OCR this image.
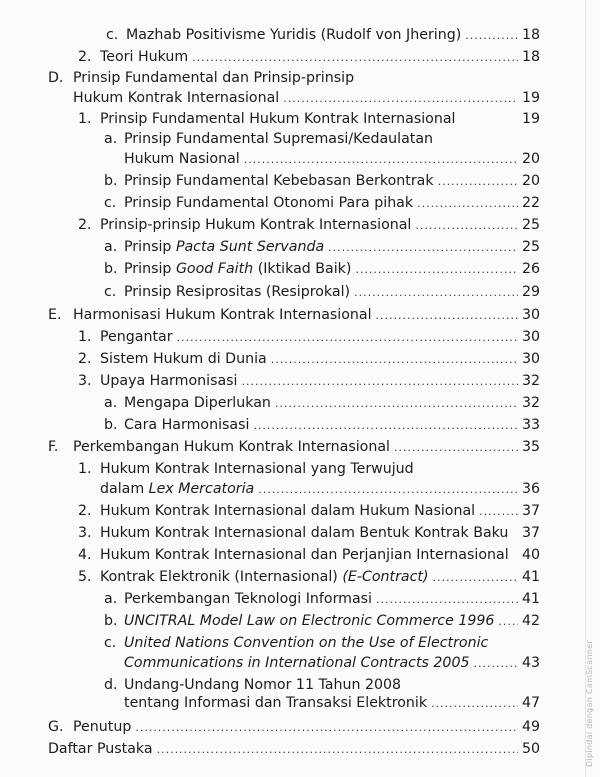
c. Mazhab Positivisme Yuridis (Rudolf von Jhering) .....	18
2. Teori Hukum .....	18
D. Prinsip Fundamental dan Prinsip-prinsip
Hukum Kontrak Internasional .....	19
1. Prinsip Fundamental Hukum Kontrak Internasional	19
a. Prinsip Fundamental Supremasi/Kedaulatan
Hukum Nasional .....	20
b. Prinsip Fundamental Kebebasan Berkontrak .....	20
c. Prinsip Fundamental Otonomi Para pihak .....	22
2. Prinsip-prinsip Hukum Kontrak Internasional .....	25
a. Prinsip Pacta Sunt Servanda .....	25
b. Prinsip Good Faith (Iktikad Baik) .....	26
c. Prinsip Resiprositas (Resiprokal) .....	29
E. Harmonisasi Hukum Kontrak Internasional .....	30
1. Pengantar .....	30
2. Sistem Hukum di Dunia .....	30
3. Upaya Harmonisasi .....	32
a. Mengapa Diperlukan .....	32
b. Cara Harmonisasi .....	33
F. Perkembangan Hukum Kontrak Internasional .....	35
1. Hukum Kontrak Internasional yang Terwujud
dalam Lex Mercatoria .....	36
2. Hukum Kontrak Internasional dalam Hukum Nasional .....	37
3. Hukum Kontrak Internasional dalam Bentuk Kontrak Baku 37
4. Hukum Kontrak Internasional dan Perjanjian Internasional 40
5. Kontrak Elektronik (Internasional) (E-Contract) .....	41
a. Perkembangan Teknologi Informasi .....	41
b. UNCITRAL Model Law on Electronic Commerce 1996 .....	42
c. United Nations Convention on the Use of Electronic
Communications in International Contracts 2005 .....	43
d. Undang-Undang Nomor 11 Tahun 2008
tentang Informasi dan Transaksi Elektronik .....	47
G. Penutup .....	49
Daftar Pustaka .....	50	Dipindai dengan CamScanner
